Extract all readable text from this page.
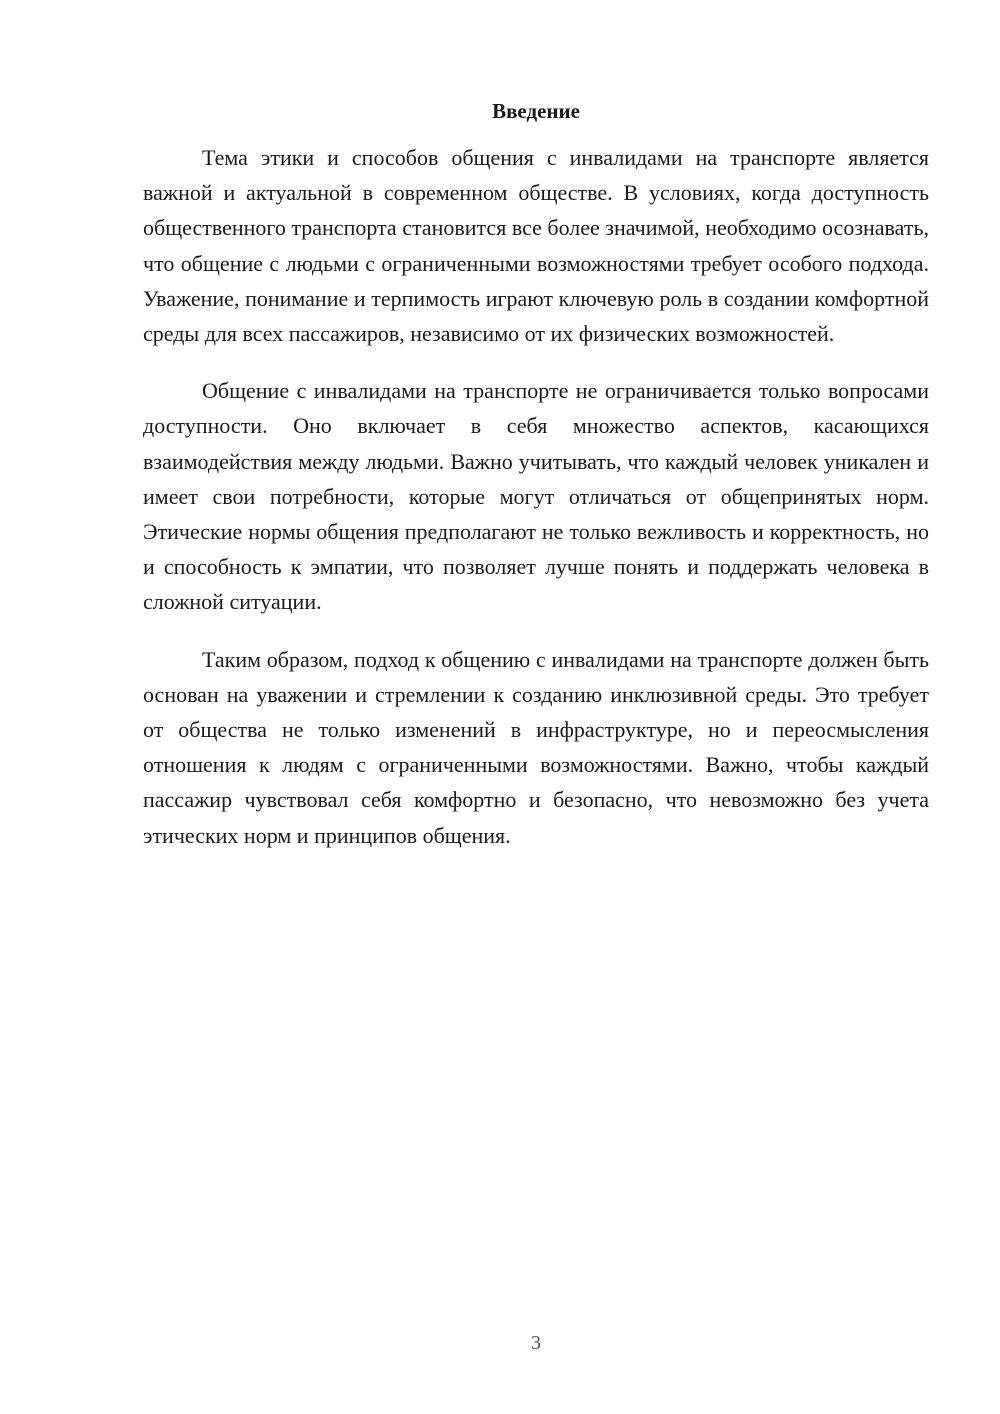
Введение

Тема этики и способов общения с инвалидами на транспорте является важной и актуальной в современном обществе. В условиях, когда доступность общественного транспорта становится все более значимой, необходимо осознавать, что общение с людьми с ограниченными возможностями требует особого подхода. Уважение, понимание и терпимость играют ключевую роль в создании комфортной среды для всех пассажиров, независимо от их физических возможностей.

Общение с инвалидами на транспорте не ограничивается только вопросами доступности. Оно включает в себя множество аспектов, касающихся взаимодействия между людьми. Важно учитывать, что каждый человек уникален и имеет свои потребности, которые могут отличаться от общепринятых норм. Этические нормы общения предполагают не только вежливость и корректность, но и способность к эмпатии, что позволяет лучше понять и поддержать человека в сложной ситуации.

Таким образом, подход к общению с инвалидами на транспорте должен быть основан на уважении и стремлении к созданию инклюзивной среды. Это требует от общества не только изменений в инфраструктуре, но и переосмысления отношения к людям с ограниченными возможностями. Важно, чтобы каждый пассажир чувствовал себя комфортно и безопасно, что невозможно без учета этических норм и принципов общения.

3
